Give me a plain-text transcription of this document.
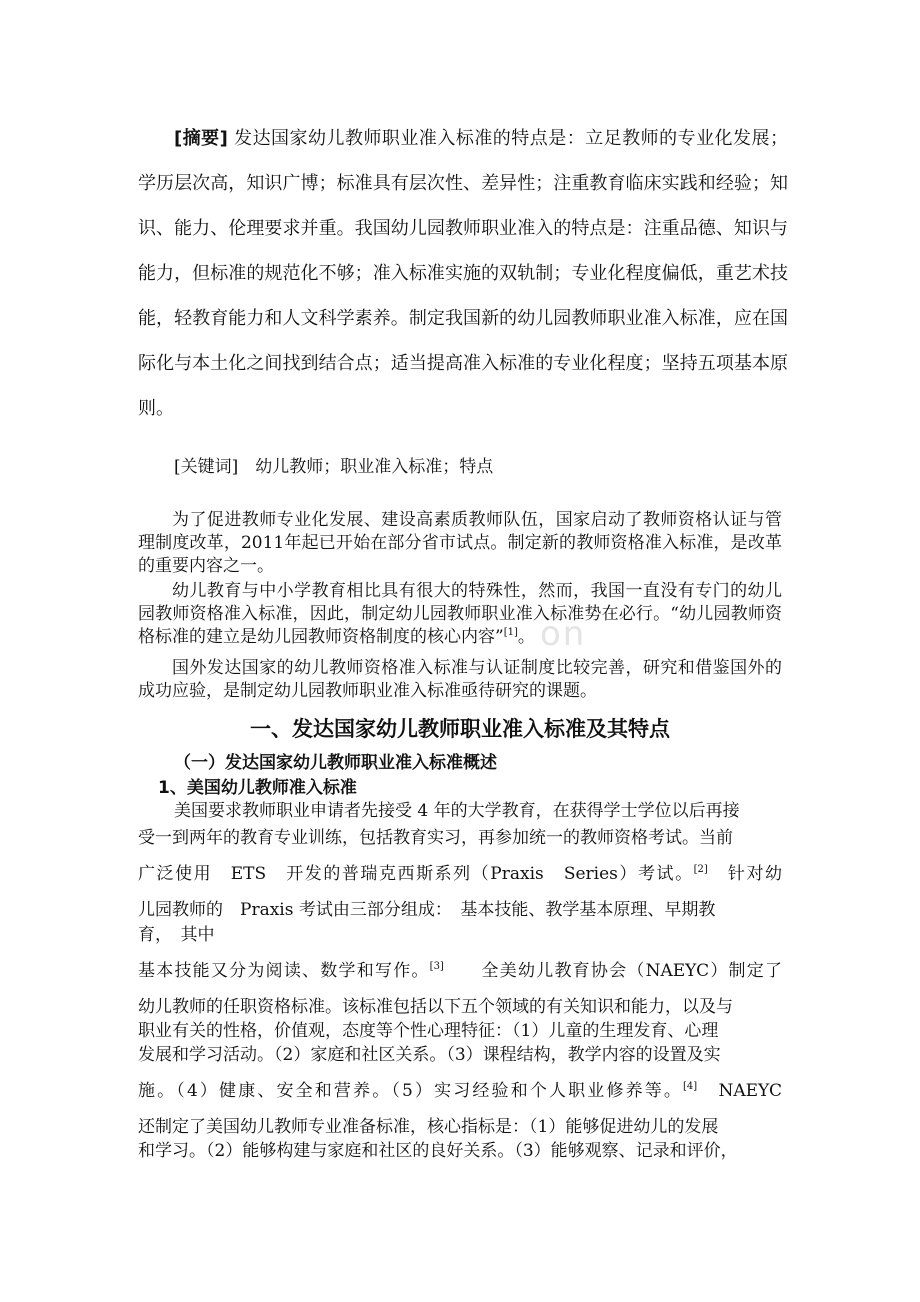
on

[摘要] 发达国家幼儿教师职业准入标准的特点是：立足教师的专业化发展；学历层次高，知识广博；标准具有层次性、差异性；注重教育临床实践和经验；知识、能力、伦理要求并重。我国幼儿园教师职业准入的特点是：注重品德、知识与能力，但标准的规范化不够；准入标准实施的双轨制；专业化程度偏低，重艺术技能，轻教育能力和人文科学素养。制定我国新的幼儿园教师职业准入标准，应在国际化与本土化之间找到结合点；适当提高准入标准的专业化程度；坚持五项基本原则。

[关键词]　幼儿教师；职业准入标准；特点

为了促进教师专业化发展、建设高素质教师队伍，国家启动了教师资格认证与管理制度改革，2011年起已开始在部分省市试点。制定新的教师资格准入标准，是改革的重要内容之一。

幼儿教育与中小学教育相比具有很大的特殊性，然而，我国一直没有专门的幼儿园教师资格准入标准，因此，制定幼儿园教师职业准入标准势在必行。“幼儿园教师资格标准的建立是幼儿园教师资格制度的核心内容”[1]。

国外发达国家的幼儿教师资格准入标准与认证制度比较完善，研究和借鉴国外的成功应验，是制定幼儿园教师职业准入标准亟待研究的课题。

一、发达国家幼儿教师职业准入标准及其特点
（一）发达国家幼儿教师职业准入标准概述
1、美国幼儿教师准入标准
美国要求教师职业申请者先接受 4 年的大学教育，在获得学士学位以后再接
受一到两年的教育专业训练，包括教育实习，再参加统一的教师资格考试。当前
广泛使用　ETS　开发的普瑞克西斯系列（Praxis　Series）考试。[2]　针对幼
儿园教师的　Praxis 考试由三部分组成：　基本技能、教学基本原理、早期教
育，　其中
基本技能又分为阅读、数学和写作。[3]　　全美幼儿教育协会（NAEYC）制定了
幼儿教师的任职资格标准。该标准包括以下五个领域的有关知识和能力，以及与
职业有关的性格，价值观，态度等个性心理特征：（1）儿童的生理发育、心理
发展和学习活动。（2）家庭和社区关系。（3）课程结构，教学内容的设置及实
施。（4）健康、安全和营养。（5）实习经验和个人职业修养等。[4]　NAEYC
还制定了美国幼儿教师专业准备标准，核心指标是：（1）能够促进幼儿的发展
和学习。（2）能够构建与家庭和社区的良好关系。（3）能够观察、记录和评价，
